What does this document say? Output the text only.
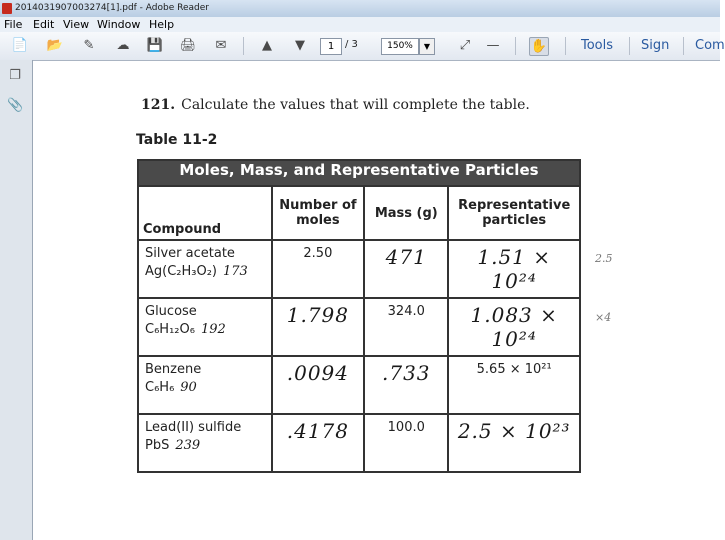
2014031907003274[1].pdf - Adobe Reader
File Edit View Window Help
📄 📂 ✎ ☁ 💾 🖨 ✉	▲	▼	1	/ 3	150%	▼	⤢ — ✋	Tools Sign Com
❐
📎	121. Calculate the values that will complete the table.
Table 11-2
Moles, Mass, and Representative Particles			
Compound	Number of moles	Mass (g)	Representative particles

Silver acetate
Ag(C₂H₃O₂) 173	2.50	471	1.51 × 10²⁴

Glucose
C₆H₁₂O₆ 192	1.798	324.0	1.083 × 10²⁴

Benzene
C₆H₆ 90	.0094	.733	5.65 × 10²¹

Lead(II) sulfide
PbS 239	.4178	100.0	2.5 × 10²³
2.5
×4
